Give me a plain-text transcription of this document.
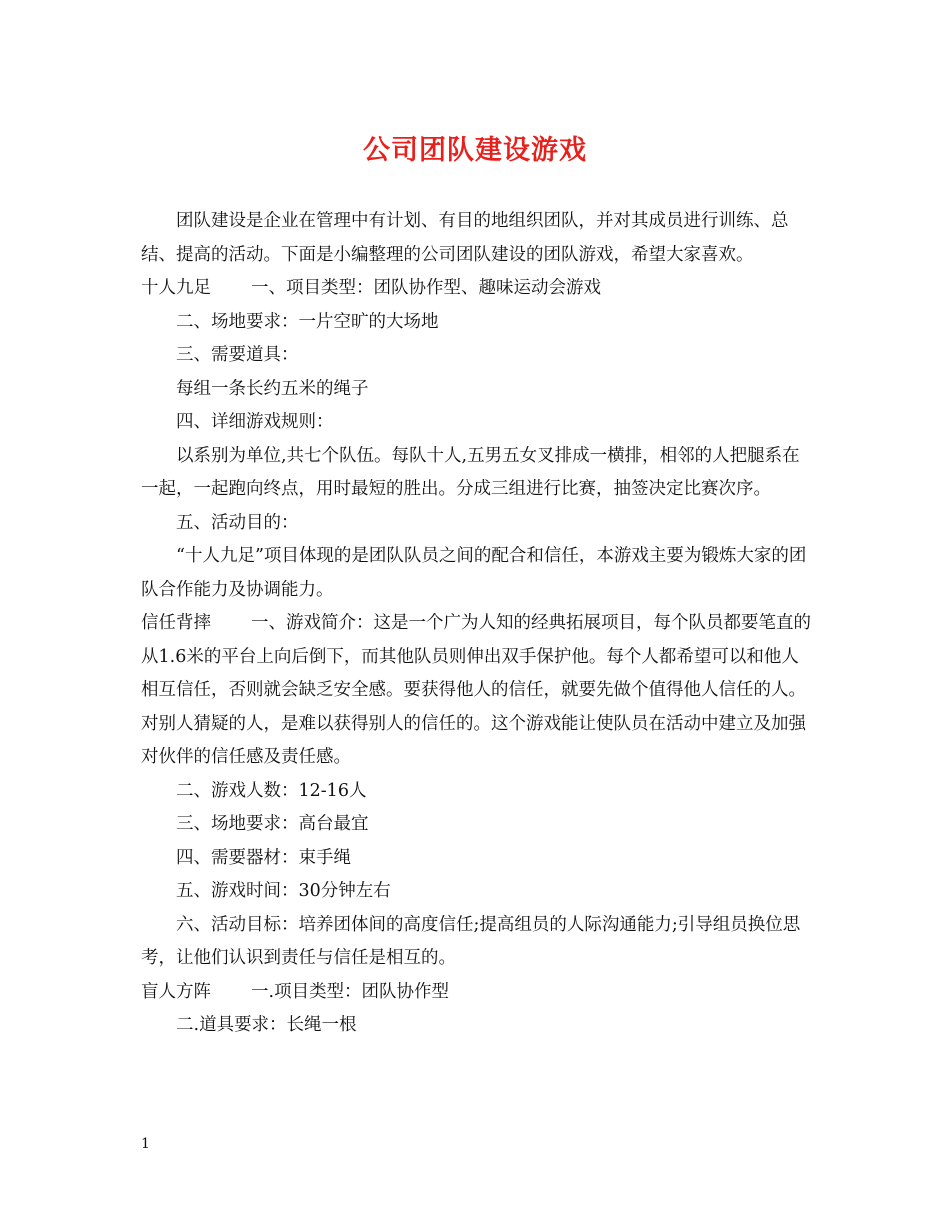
公司团队建设游戏

团队建设是企业在管理中有计划、有目的地组织团队，并对其成员进行训练、总结、提高的活动。下面是小编整理的公司团队建设的团队游戏，希望大家喜欢。

十人九足 一、项目类型：团队协作型、趣味运动会游戏

二、场地要求：一片空旷的大场地

三、需要道具：

每组一条长约五米的绳子

四、详细游戏规则：

以系别为单位,共七个队伍。每队十人,五男五女叉排成一横排，相邻的人把腿系在一起，一起跑向终点，用时最短的胜出。分成三组进行比赛，抽签决定比赛次序。

五、活动目的：

“十人九足”项目体现的是团队队员之间的配合和信任，本游戏主要为锻炼大家的团队合作能力及协调能力。

信任背摔 一、游戏简介：这是一个广为人知的经典拓展项目，每个队员都要笔直的从1.6米的平台上向后倒下，而其他队员则伸出双手保护他。每个人都希望可以和他人相互信任，否则就会缺乏安全感。要获得他人的信任，就要先做个值得他人信任的人。对别人猜疑的人，是难以获得别人的信任的。这个游戏能让使队员在活动中建立及加强对伙伴的信任感及责任感。

二、游戏人数：12-16人

三、场地要求：高台最宜

四、需要器材：束手绳

五、游戏时间：30分钟左右

六、活动目标：培养团体间的高度信任;提高组员的人际沟通能力;引导组员换位思考，让他们认识到责任与信任是相互的。

盲人方阵 一.项目类型：团队协作型

二.道具要求：长绳一根

1
